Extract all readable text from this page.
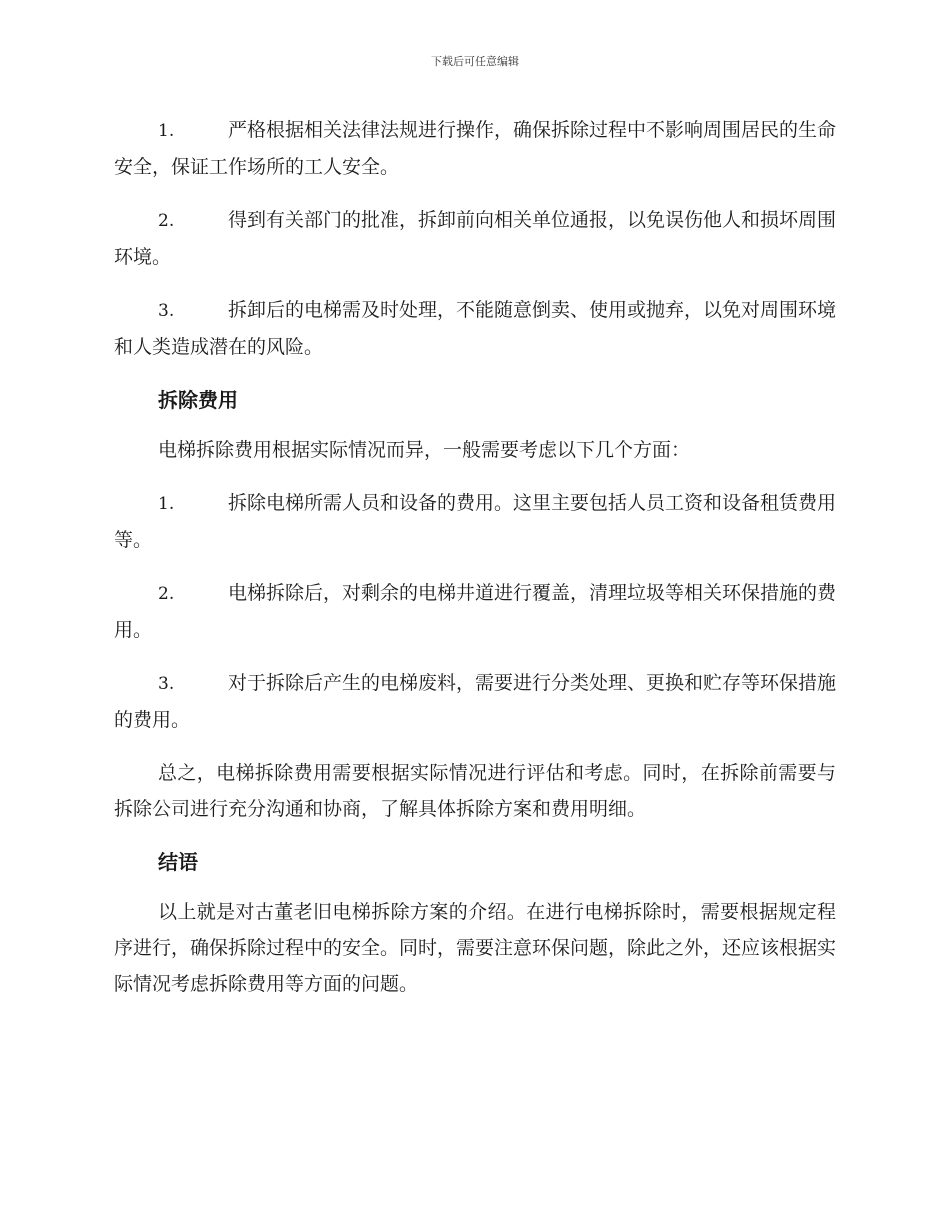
下载后可任意编辑

1.	严格根据相关法律法规进行操作，确保拆除过程中不影响周围居民的生命安全，保证工作场所的工人安全。

2.	得到有关部门的批准，拆卸前向相关单位通报，以免误伤他人和损坏周围环境。

3.	拆卸后的电梯需及时处理，不能随意倒卖、使用或抛弃，以免对周围环境和人类造成潜在的风险。

拆除费用

电梯拆除费用根据实际情况而异，一般需要考虑以下几个方面：

1.	拆除电梯所需人员和设备的费用。这里主要包括人员工资和设备租赁费用等。

2.	电梯拆除后，对剩余的电梯井道进行覆盖，清理垃圾等相关环保措施的费用。

3.	对于拆除后产生的电梯废料，需要进行分类处理、更换和贮存等环保措施的费用。

总之，电梯拆除费用需要根据实际情况进行评估和考虑。同时，在拆除前需要与拆除公司进行充分沟通和协商，了解具体拆除方案和费用明细。

结语

以上就是对古董老旧电梯拆除方案的介绍。在进行电梯拆除时，需要根据规定程序进行，确保拆除过程中的安全。同时，需要注意环保问题，除此之外，还应该根据实际情况考虑拆除费用等方面的问题。
